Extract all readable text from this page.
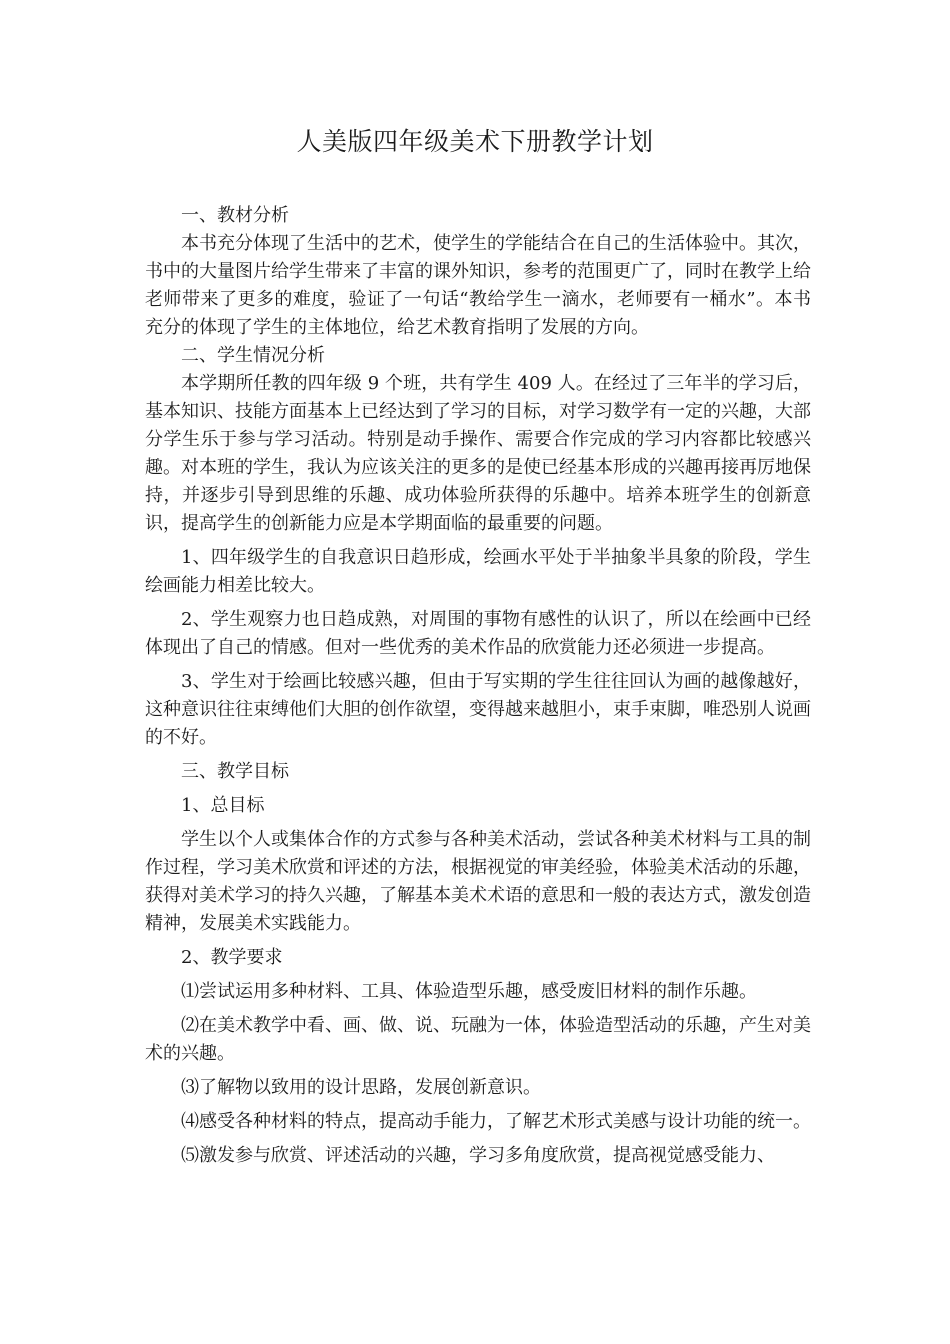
人美版四年级美术下册教学计划

一、教材分析

本书充分体现了生活中的艺术，使学生的学能结合在自己的生活体验中。其次，书中的大量图片给学生带来了丰富的课外知识，参考的范围更广了，同时在教学上给老师带来了更多的难度，验证了一句话“教给学生一滴水，老师要有一桶水”。本书充分的体现了学生的主体地位，给艺术教育指明了发展的方向。

二、学生情况分析

本学期所任教的四年级 9 个班，共有学生 409 人。在经过了三年半的学习后，基本知识、技能方面基本上已经达到了学习的目标，对学习数学有一定的兴趣，大部分学生乐于参与学习活动。特别是动手操作、需要合作完成的学习内容都比较感兴趣。对本班的学生，我认为应该关注的更多的是使已经基本形成的兴趣再接再厉地保持，并逐步引导到思维的乐趣、成功体验所获得的乐趣中。培养本班学生的创新意识，提高学生的创新能力应是本学期面临的最重要的问题。

1、四年级学生的自我意识日趋形成，绘画水平处于半抽象半具象的阶段，学生绘画能力相差比较大。

2、学生观察力也日趋成熟，对周围的事物有感性的认识了，所以在绘画中已经体现出了自己的情感。但对一些优秀的美术作品的欣赏能力还必须进一步提高。

3、学生对于绘画比较感兴趣，但由于写实期的学生往往回认为画的越像越好，这种意识往往束缚他们大胆的创作欲望，变得越来越胆小，束手束脚，唯恐别人说画的不好。

三、教学目标

1、总目标

学生以个人或集体合作的方式参与各种美术活动，尝试各种美术材料与工具的制作过程，学习美术欣赏和评述的方法，根据视觉的审美经验，体验美术活动的乐趣，获得对美术学习的持久兴趣，了解基本美术术语的意思和一般的表达方式，激发创造精神，发展美术实践能力。

2、教学要求

⑴尝试运用多种材料、工具、体验造型乐趣，感受废旧材料的制作乐趣。

⑵在美术教学中看、画、做、说、玩融为一体，体验造型活动的乐趣，产生对美术的兴趣。

⑶了解物以致用的设计思路，发展创新意识。

⑷感受各种材料的特点，提高动手能力，了解艺术形式美感与设计功能的统一。

⑸激发参与欣赏、评述活动的兴趣，学习多角度欣赏，提高视觉感受能力、
